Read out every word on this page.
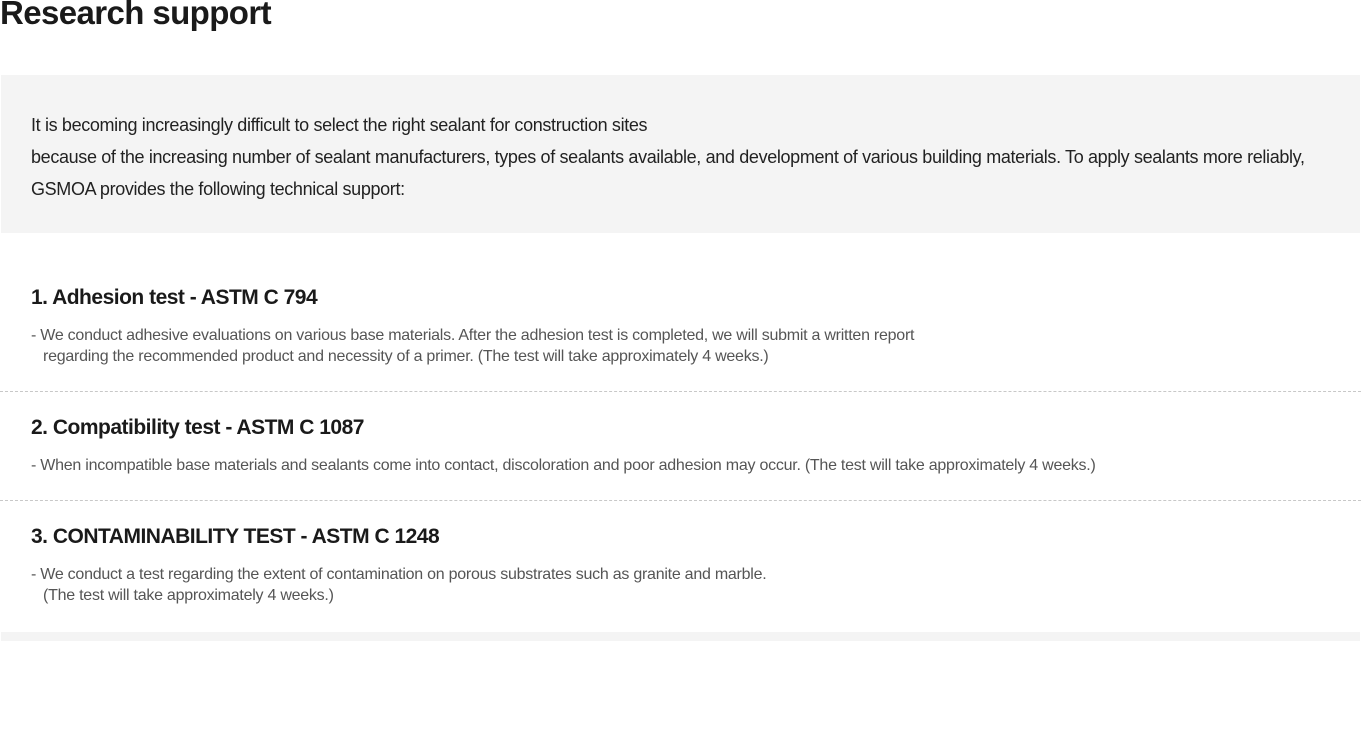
Research support

It is becoming increasingly difficult to select the right sealant for construction sites
because of the increasing number of sealant manufacturers, types of sealants available, and development of various building materials. To apply sealants more reliably, GSMOA provides the following technical support:

1. Adhesion test - ASTM C 794

- We conduct adhesive evaluations on various base materials. After the adhesion test is completed, we will submit a written report
regarding the recommended product and necessity of a primer. (The test will take approximately 4 weeks.)

2. Compatibility test - ASTM C 1087

- When incompatible base materials and sealants come into contact, discoloration and poor adhesion may occur. (The test will take approximately 4 weeks.)

3. CONTAMINABILITY TEST - ASTM C 1248

- We conduct a test regarding the extent of contamination on porous substrates such as granite and marble.
(The test will take approximately 4 weeks.)
